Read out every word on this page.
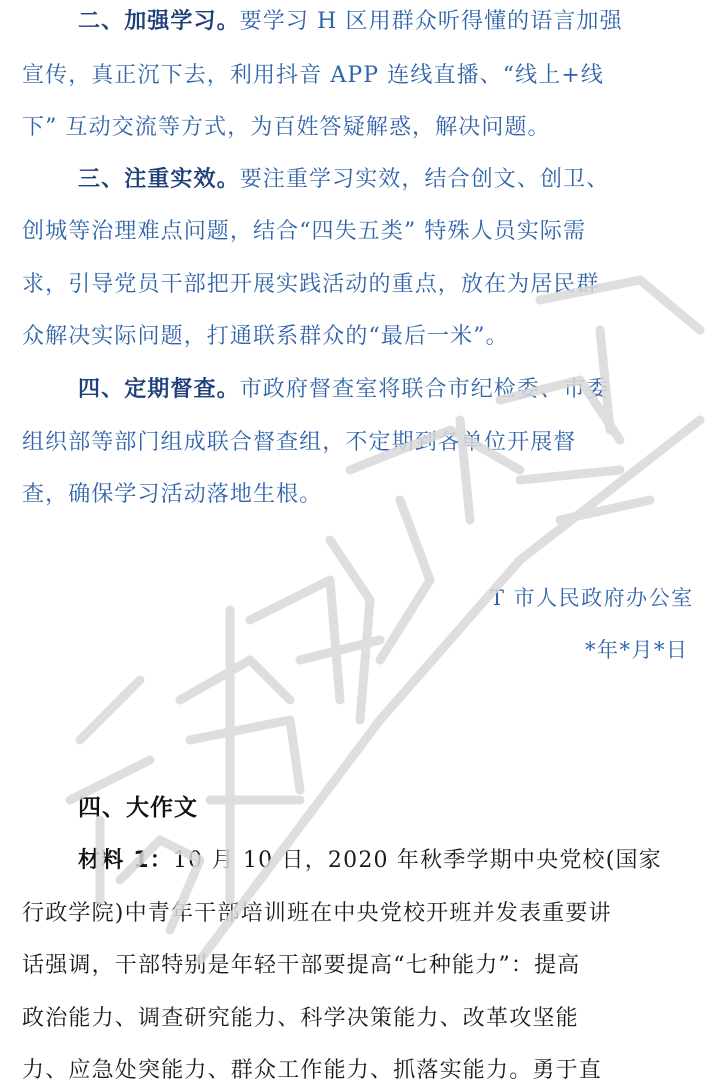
二、加强学习。要学习 H 区用群众听得懂的语言加强
宣传，真正沉下去，利用抖音 APP 连线直播、“线上+线
下” 互动交流等方式，为百姓答疑解惑，解决问题。
三、注重实效。要注重学习实效，结合创文、创卫、
创城等治理难点问题，结合“四失五类” 特殊人员实际需
求，引导党员干部把开展实践活动的重点，放在为居民群
众解决实际问题，打通联系群众的“最后一米”。
四、定期督查。市政府督查室将联合市纪检委、市委
组织部等部门组成联合督查组，不定期到各单位开展督
查，确保学习活动落地生根。
T 市人民政府办公室
*年*月*日
四、大作文
材料 1：10 月 10 日，2020 年秋季学期中央党校(国家
行政学院)中青年干部培训班在中央党校开班并发表重要讲
话强调，干部特别是年轻干部要提高“七种能力”：提高
政治能力、调查研究能力、科学决策能力、改革攻坚能
力、应急处突能力、群众工作能力、抓落实能力。勇于直
